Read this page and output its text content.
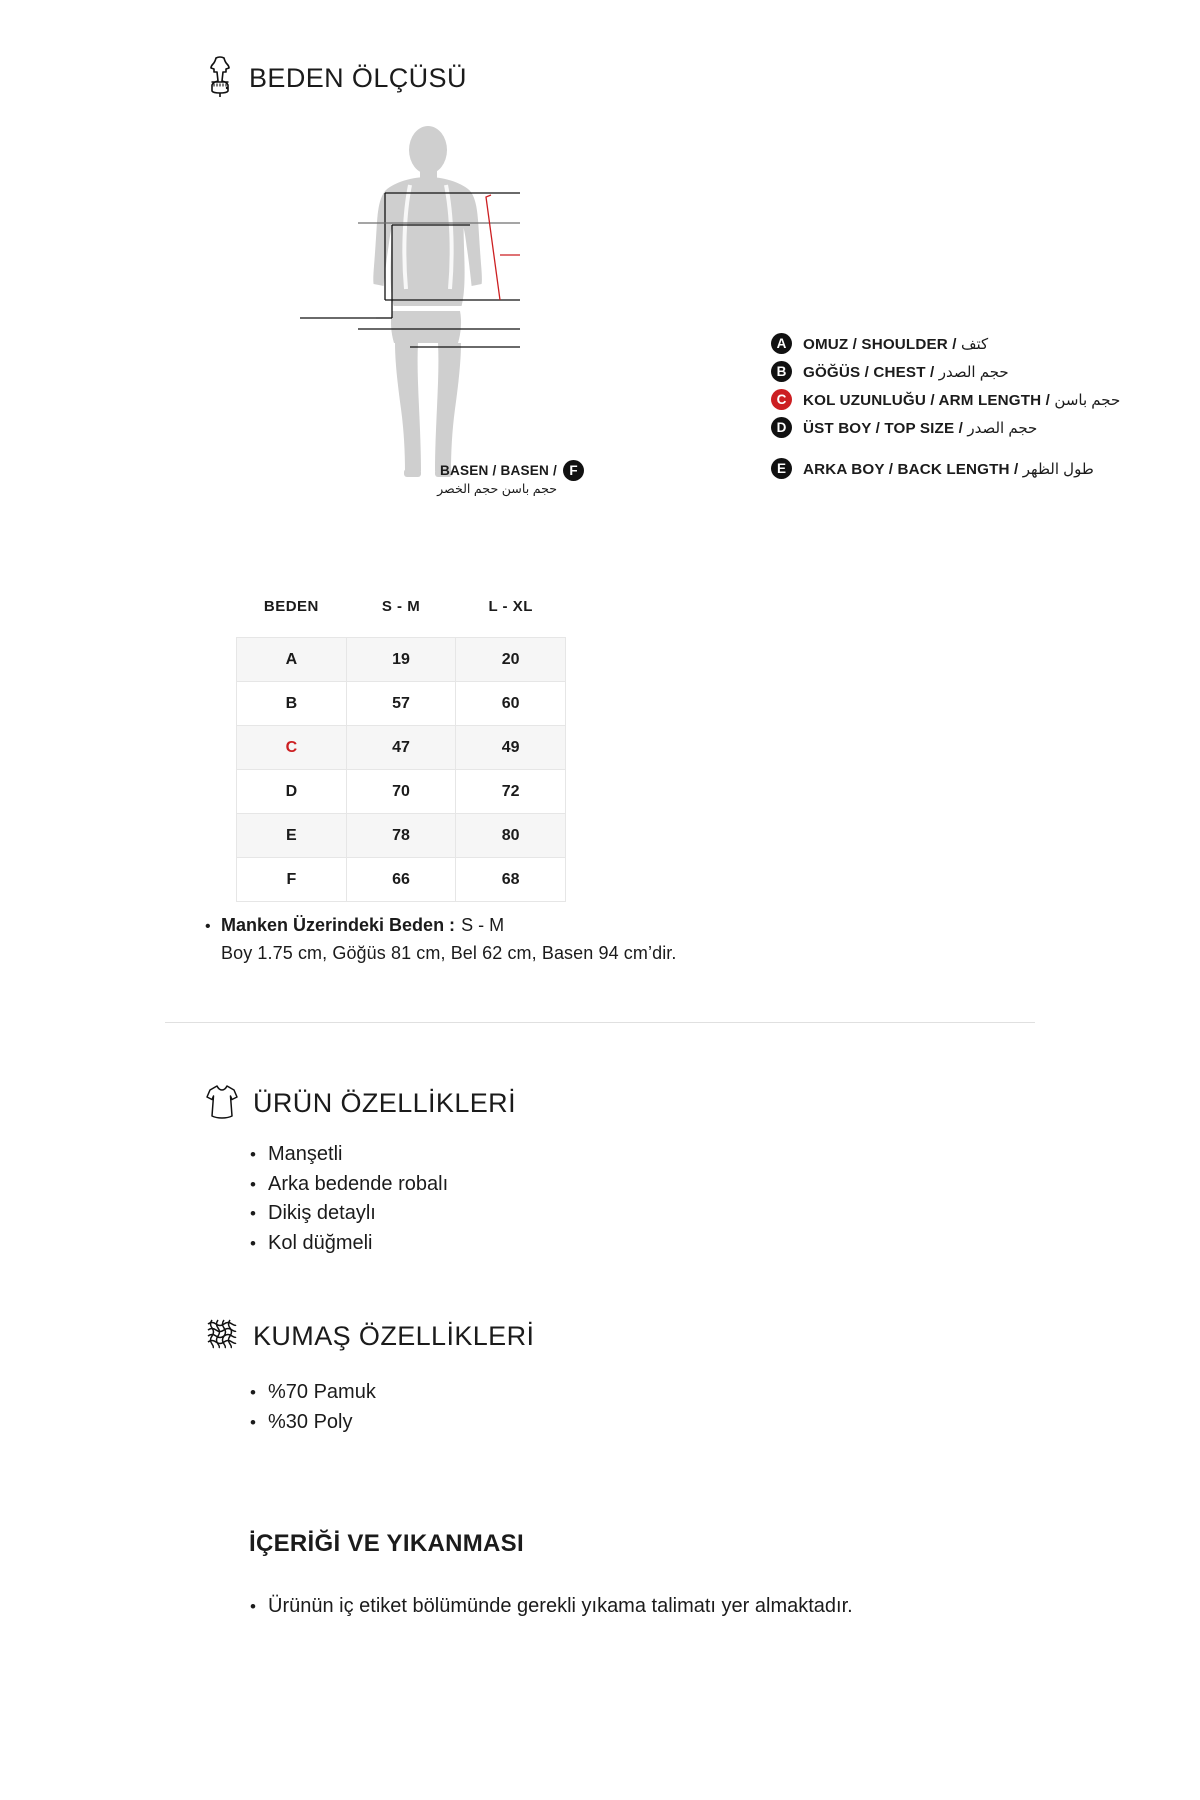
BEDEN ÖLÇÜSÜ
A	OMUZ / SHOULDER / كتف
B	GÖĞÜS / CHEST / حجم الصدر
C	KOL UZUNLUĞU / ARM LENGTH / حجم باسن
D	ÜST BOY / TOP SIZE / حجم الصدر
E	ARKA BOY / BACK LENGTH / طول الظهر
BASEN / BASEN /
حجم باسن حجم الخصر
F
BEDEN	S - M	L - XL
A	19	20
B	57	60
C	47	49
D	70	72
E	78	80
F	66	68
• Manken Üzerindeki Beden : S - M
Boy 1.75 cm, Göğüs 81 cm, Bel 62 cm, Basen 94 cm’dir.
ÜRÜN ÖZELLİKLERİ
• Manşetli
• Arka bedende robalı
• Dikiş detaylı
• Kol düğmeli
KUMAŞ ÖZELLİKLERİ
• %70 Pamuk
• %30 Poly
İÇERİĞİ VE YIKANMASI
• Ürünün iç etiket bölümünde gerekli yıkama talimatı yer almaktadır.
